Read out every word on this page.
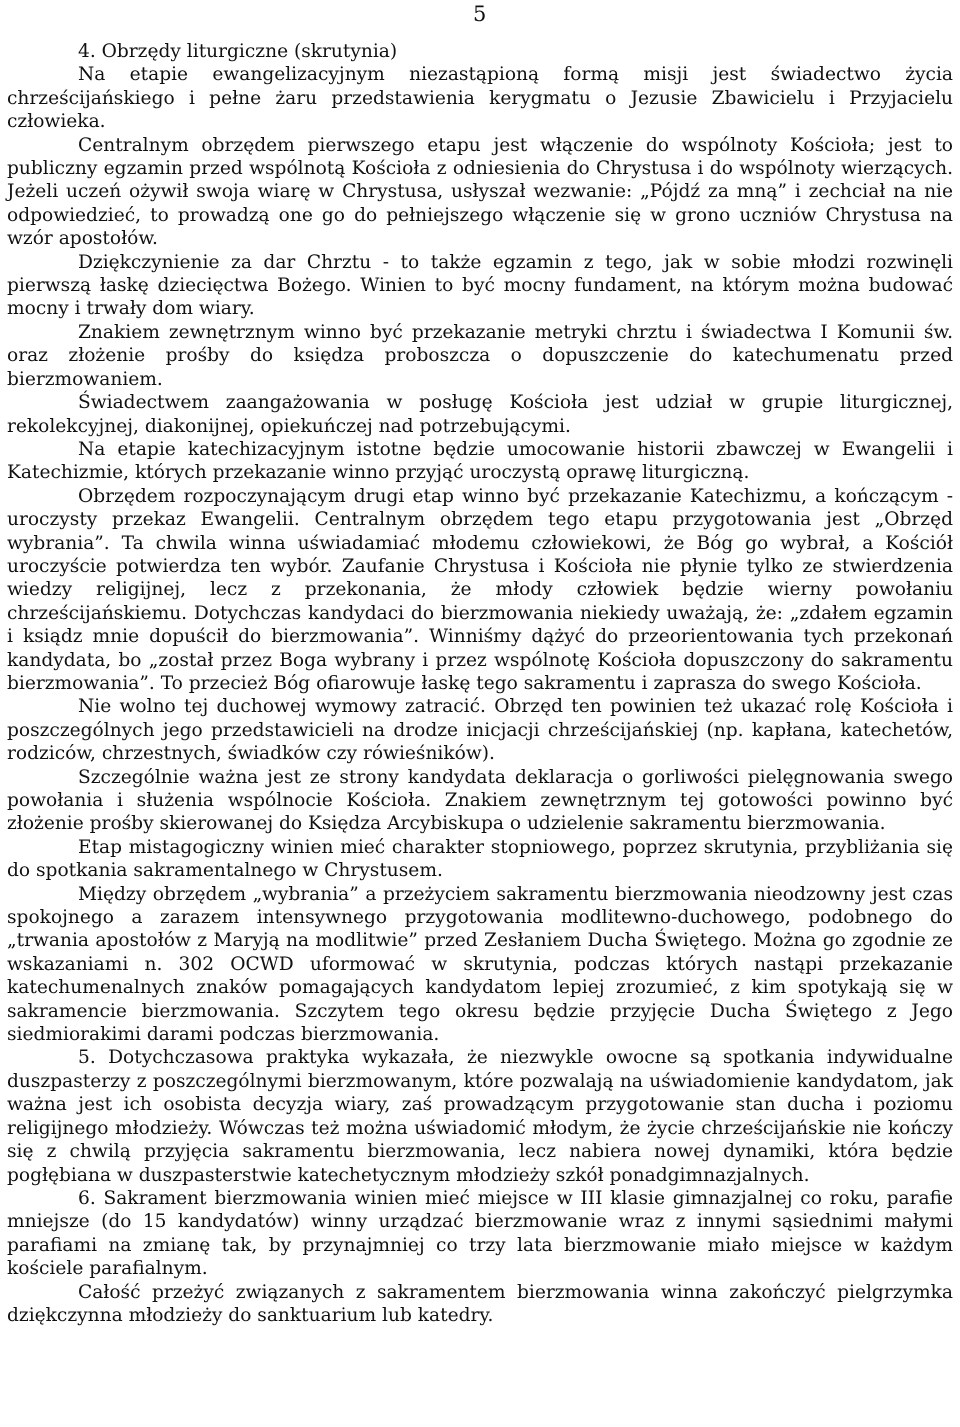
5

4. Obrzędy liturgiczne (skrutynia)

Na etapie ewangelizacyjnym niezastąpioną formą misji jest świadectwo życia chrześcijańskiego i pełne żaru przedstawienia kerygmatu o Jezusie Zbawicielu i Przyjacielu człowieka.

Centralnym obrzędem pierwszego etapu jest włączenie do wspólnoty Kościoła; jest to publiczny egzamin przed wspólnotą Kościoła z odniesienia do Chrystusa i do wspólnoty wierzących. Jeżeli uczeń ożywił swoja wiarę w Chrystusa, usłyszał wezwanie: „Pójdź za mną” i zechciał na nie odpowiedzieć, to prowadzą one go do pełniejszego włączenie się w grono uczniów Chrystusa na wzór apostołów.

Dziękczynienie za dar Chrztu - to także egzamin z tego, jak w sobie młodzi rozwinęli pierwszą łaskę dziecięctwa Bożego. Winien to być mocny fundament, na którym można budować mocny i trwały dom wiary.

Znakiem zewnętrznym winno być przekazanie metryki chrztu i świadectwa I Komunii św. oraz złożenie prośby do księdza proboszcza o dopuszczenie do katechumenatu przed bierzmowaniem.

Świadectwem zaangażowania w posługę Kościoła jest udział w grupie liturgicznej, rekolekcyjnej, diakonijnej, opiekuńczej nad potrzebującymi.

Na etapie katechizacyjnym istotne będzie umocowanie historii zbawczej w Ewangelii i Katechizmie, których przekazanie winno przyjąć uroczystą oprawę liturgiczną.

Obrzędem rozpoczynającym drugi etap winno być przekazanie Katechizmu, a kończącym - uroczysty przekaz Ewangelii. Centralnym obrzędem tego etapu przygotowania jest „Obrzęd wybrania”. Ta chwila winna uświadamiać młodemu człowiekowi, że Bóg go wybrał, a Kościół uroczyście potwierdza ten wybór. Zaufanie Chrystusa i Kościoła nie płynie tylko ze stwierdzenia wiedzy religijnej, lecz z przekonania, że młody człowiek będzie wierny powołaniu chrześcijańskiemu. Dotychczas kandydaci do bierzmowania niekiedy uważają, że: „zdałem egzamin i ksiądz mnie dopuścił do bierzmowania”. Winniśmy dążyć do przeorientowania tych przekonań kandydata, bo „został przez Boga wybrany i przez wspólnotę Kościoła dopuszczony do sakramentu bierzmowania”. To przecież Bóg ofiarowuje łaskę tego sakramentu i zaprasza do swego Kościoła.

Nie wolno tej duchowej wymowy zatracić. Obrzęd ten powinien też ukazać rolę Kościoła i poszczególnych jego przedstawicieli na drodze inicjacji chrześcijańskiej (np. kapłana, katechetów, rodziców, chrzestnych, świadków czy rówieśników).

Szczególnie ważna jest ze strony kandydata deklaracja o gorliwości pielęgnowania swego powołania i służenia wspólnocie Kościoła. Znakiem zewnętrznym tej gotowości powinno być złożenie prośby skierowanej do Księdza Arcybiskupa o udzielenie sakramentu bierzmowania.

Etap mistagogiczny winien mieć charakter stopniowego, poprzez skrutynia, przybliżania się do spotkania sakramentalnego w Chrystusem.

Między obrzędem „wybrania” a przeżyciem sakramentu bierzmowania nieodzowny jest czas spokojnego a zarazem intensywnego przygotowania modlitewno-duchowego, podobnego do „trwania apostołów z Maryją na modlitwie” przed Zesłaniem Ducha Świętego. Można go zgodnie ze wskazaniami n. 302 OCWD uformować w skrutynia, podczas których nastąpi przekazanie katechumenalnych znaków pomagających kandydatom lepiej zrozumieć, z kim spotykają się w sakramencie bierzmowania. Szczytem tego okresu będzie przyjęcie Ducha Świętego z Jego siedmiorakimi darami podczas bierzmowania.

5. Dotychczasowa praktyka wykazała, że niezwykle owocne są spotkania indywidualne duszpasterzy z poszczególnymi bierzmowanym, które pozwalają na uświadomienie kandydatom, jak ważna jest ich osobista decyzja wiary, zaś prowadzącym przygotowanie stan ducha i poziomu religijnego młodzieży. Wówczas też można uświadomić młodym, że życie chrześcijańskie nie kończy się z chwilą przyjęcia sakramentu bierzmowania, lecz nabiera nowej dynamiki, która będzie pogłębiana w duszpasterstwie katechetycznym młodzieży szkół ponadgimnazjalnych.

6. Sakrament bierzmowania winien mieć miejsce w III klasie gimnazjalnej co roku, parafie mniejsze (do 15 kandydatów) winny urządzać bierzmowanie wraz z innymi sąsiednimi małymi parafiami na zmianę tak, by przynajmniej co trzy lata bierzmowanie miało miejsce w każdym kościele parafialnym.

Całość przeżyć związanych z sakramentem bierzmowania winna zakończyć pielgrzymka dziękczynna młodzieży do sanktuarium lub katedry.
